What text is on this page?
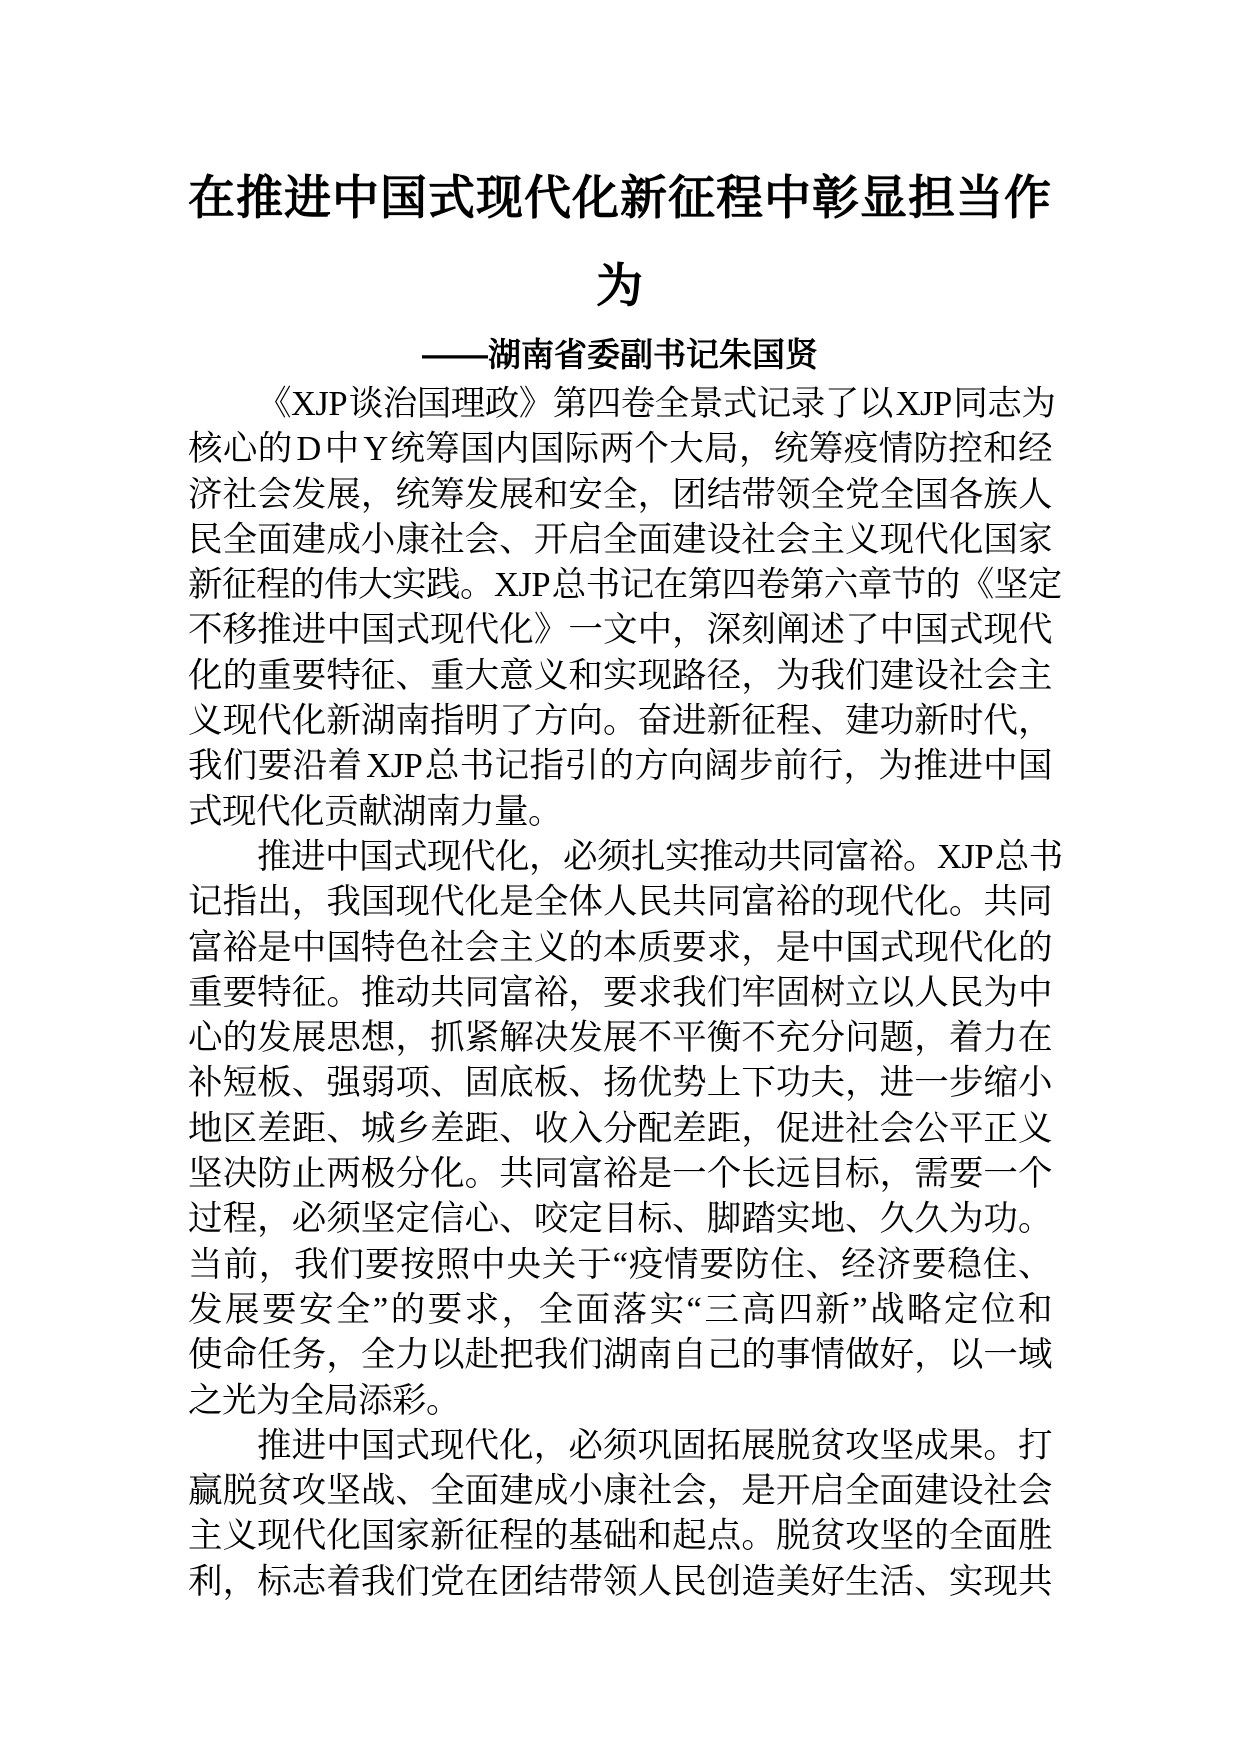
在推进中国式现代化新征程中彰显担当作
为
——湖南省委副书记朱国贤
《XJP 谈治国理政》第四卷全景式记录了以 XJP 同志为
核心的 D 中 Y 统筹国内国际两个大局，统筹疫情防控和经
济社会发展，统筹发展和安全，团结带领全党全国各族人
民全面建成小康社会、开启全面建设社会主义现代化国家
新征程的伟大实践。XJP 总书记在第四卷第六章节的《坚定
不移推进中国式现代化》一文中，深刻阐述了中国式现代
化的重要特征、重大意义和实现路径，为我们建设社会主
义现代化新湖南指明了方向。奋进新征程、建功新时代，
我们要沿着 XJP 总书记指引的方向阔步前行，为推进中国
式现代化贡献湖南力量。
推进中国式现代化，必须扎实推动共同富裕。XJP 总书
记指出，我国现代化是全体人民共同富裕的现代化。共同
富裕是中国特色社会主义的本质要求，是中国式现代化的
重要特征。推动共同富裕，要求我们牢固树立以人民为中
心的发展思想，抓紧解决发展不平衡不充分问题，着力在
补短板、强弱项、固底板、扬优势上下功夫，进一步缩小
地区差距、城乡差距、收入分配差距，促进社会公平正义
坚决防止两极分化。共同富裕是一个长远目标，需要一个
过程，必须坚定信心、咬定目标、脚踏实地、久久为功。
当前，我们要按照中央关于“疫情要防住、经济要稳住、
发展要安全”的要求，全面落实“三高四新”战略定位和
使命任务，全力以赴把我们湖南自己的事情做好，以一域
之光为全局添彩。
推进中国式现代化，必须巩固拓展脱贫攻坚成果。打
赢脱贫攻坚战、全面建成小康社会，是开启全面建设社会
主义现代化国家新征程的基础和起点。脱贫攻坚的全面胜
利，标志着我们党在团结带领人民创造美好生活、实现共
